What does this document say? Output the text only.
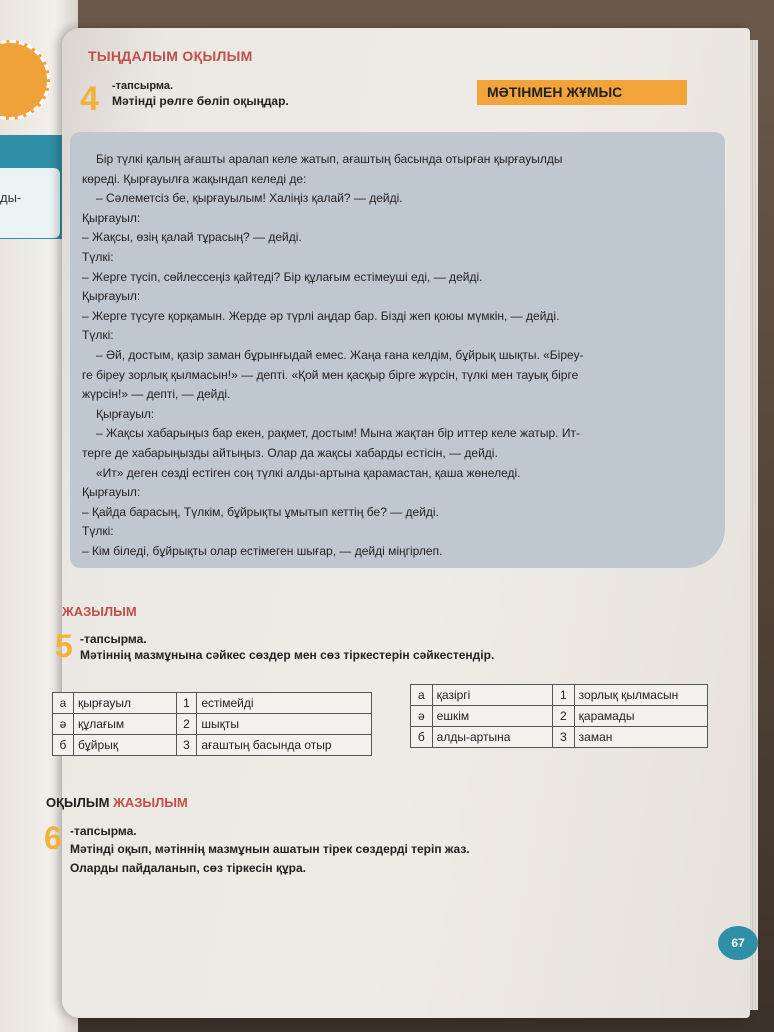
ды-
ТЫҢДАЛЫМ ОҚЫЛЫМ
4 -тапсырма.
Мәтінді рөлге бөліп оқыңдар.
МӘТІНМЕН ЖҰМЫС

Бір түлкі қалың ағашты аралап келе жатып, ағаштың басында отырған қырғауылды

көреді. Қырғауылға жақындап келеді де:

– Сәлеметсіз бе, қырғауылым! Халіңіз қалай? — дейді.

Қырғауыл:

– Жақсы, өзің қалай тұрасың? — дейді.

Түлкі:

– Жерге түсіп, сөйлессеңіз қайтеді? Бір құлағым естімеуші еді, — дейді.

Қырғауыл:

– Жерге түсуге қорқамын. Жерде әр түрлі аңдар бар. Бізді жеп қоюы мүмкін, — дейді.

Түлкі:

– Әй, достым, қазір заман бұрынғыдай емес. Жаңа ғана келдім, бұйрық шықты. «Біреу-

ге біреу зорлық қылмасын!» — депті. «Қой мен қасқыр бірге жүрсін, түлкі мен тауық бірге

жүрсін!» — депті, — дейді.

Қырғауыл:

– Жақсы хабарыңыз бар екен, рақмет, достым! Мына жақтан бір иттер келе жатыр. Ит-

терге де хабарыңызды айтыңыз. Олар да жақсы хабарды естісін, — дейді.

«Ит» деген сөзді естіген соң түлкі алды-артына қарамастан, қаша жөнеледі.

Қырғауыл:

– Қайда барасың, Түлкім, бұйрықты ұмытып кеттің бе? — дейді.

Түлкі:

– Кім біледі, бұйрықты олар естімеген шығар, — дейді міңгірлеп.

ЖАЗЫЛЫМ
5 -тапсырма.
Мәтіннің мазмұнына сәйкес сөздер мен сөз тіркестерін сәйкестендір.
а	қырғауыл	1	естімейді
ә	құлағым	2	шықты
б	бұйрық	3	ағаштың басында отыр
а	қазіргі	1	зорлық қылмасын
ә	ешкім	2	қарамады
б	алды-артына	3	заман
ОҚЫЛЫМ ЖАЗЫЛЫМ
6 -тапсырма.
Мәтінді оқып, мәтіннің мазмұнын ашатын тірек сөздерді теріп жаз. Оларды пайдаланып, сөз тіркесін құра.
67
